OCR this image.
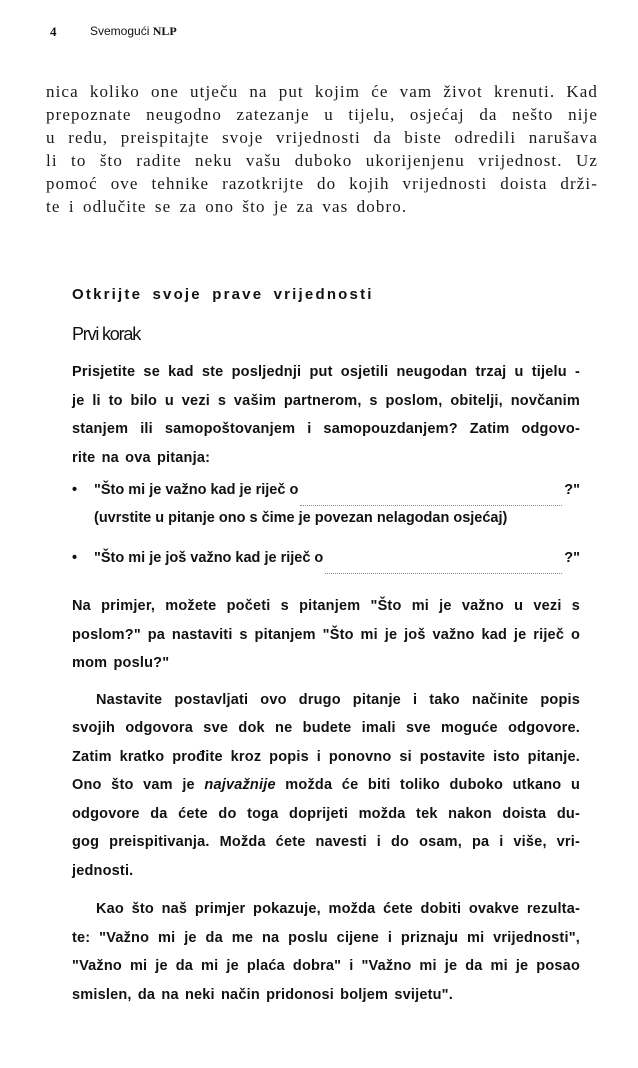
4	Svemogući NLP
nica koliko one utječu na put kojim će vam život krenuti. Kad
prepoznate neugodno zatezanje u tijelu, osjećaj da nešto nije
u redu, preispitajte svoje vrijednosti da biste odredili narušava
li to što radite neku vašu duboko ukorijenjenu vrijednost. Uz
pomoć ove tehnike razotkrijte do kojih vrijednosti doista drži-
te i odlučite se za ono što je za vas dobro.
Otkrijte svoje prave vrijednosti
Prvi korak
Prisjetite se kad ste posljednji put osjetili neugodan trzaj u tijelu -
je li to bilo u vezi s vašim partnerom, s poslom, obitelji, novčanim
stanjem ili samopoštovanjem i samopouzdanjem? Zatim odgovo-
rite na ova pitanja:
• "Što mi je važno kad je riječ o	?"
(uvrstite u pitanje ono s čime je povezan nelagodan osjećaj)
• "Što mi je još važno kad je riječ o	?"
Na primjer, možete početi s pitanjem "Što mi je važno u vezi s
poslom?" pa nastaviti s pitanjem "Što mi je još važno kad je riječ o
mom poslu?"
Nastavite postavljati ovo drugo pitanje i tako načinite popis
svojih odgovora sve dok ne budete imali sve moguće odgovore.
Zatim kratko prođite kroz popis i ponovno si postavite isto pitanje.
Ono što vam je najvažnije možda će biti toliko duboko utkano u
odgovore da ćete do toga doprijeti možda tek nakon doista du-
gog preispitivanja. Možda ćete navesti i do osam, pa i više, vri-
jednosti.
Kao što naš primjer pokazuje, možda ćete dobiti ovakve rezulta-
te: "Važno mi je da me na poslu cijene i priznaju mi vrijednosti",
"Važno mi je da mi je plaća dobra" i "Važno mi je da mi je posao
smislen, da na neki način pridonosi boljem svijetu".
